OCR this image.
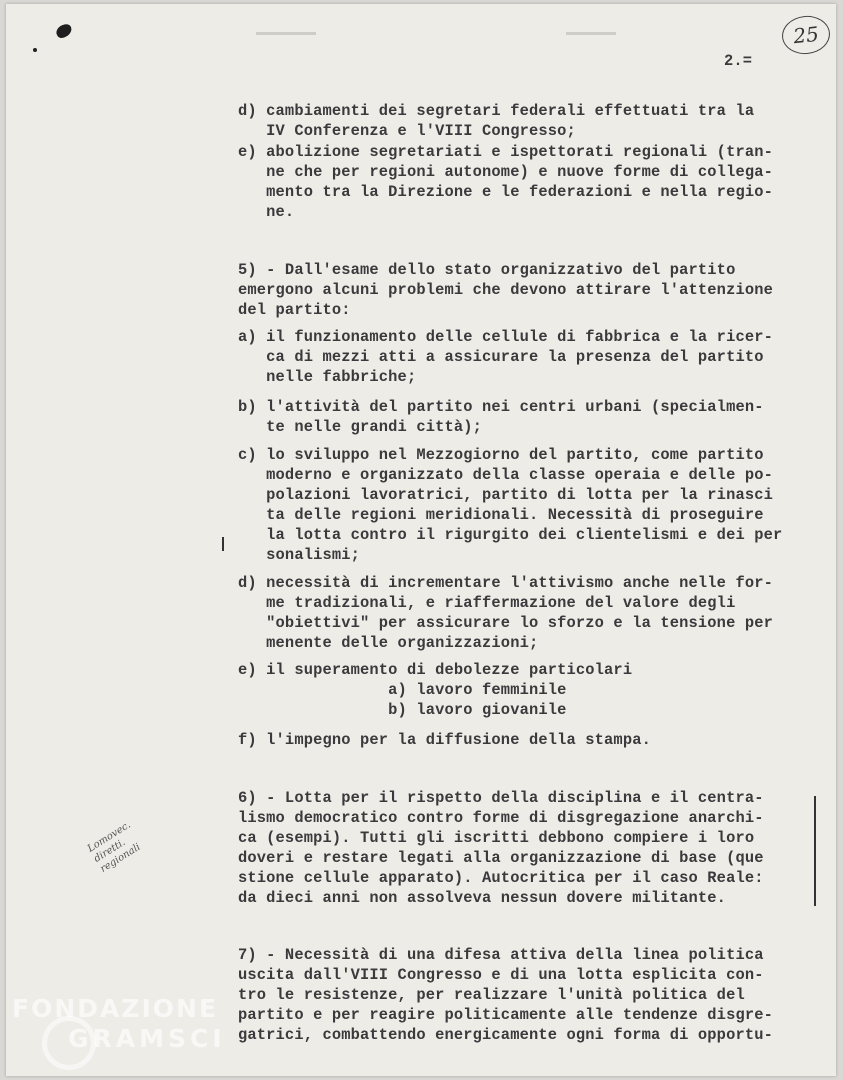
25
2.=
d) cambiamenti dei segretari federali effettuati tra la
IV Conferenza e l'VIII Congresso;
e) abolizione segretariati e ispettorati regionali (tran-
ne che per regioni autonome) e nuove forme di collega-
mento tra la Direzione e le federazioni e nella regio-
ne.
5) - Dall'esame dello stato organizzativo del partito
emergono alcuni problemi che devono attirare l'attenzione
del partito:
a) il funzionamento delle cellule di fabbrica e la ricer-
ca di mezzi atti a assicurare la presenza del partito
nelle fabbriche;
b) l'attività del partito nei centri urbani (specialmen-
te nelle grandi città);
c) lo sviluppo nel Mezzogiorno del partito, come partito
moderno e organizzato della classe operaia e delle po-
polazioni lavoratrici, partito di lotta per la rinasci
ta delle regioni meridionali. Necessità di proseguire
la lotta contro il rigurgito dei clientelismi e dei per
sonalismi;
d) necessità di incrementare l'attivismo anche nelle for-
me tradizionali, e riaffermazione del valore degli
"obiettivi" per assicurare lo sforzo e la tensione per
menente delle organizzazioni;
e) il superamento di debolezze particolari
a) lavoro femminile
b) lavoro giovanile
f) l'impegno per la diffusione della stampa.
6) - Lotta per il rispetto della disciplina e il centra-
lismo democratico contro forme di disgregazione anarchi-
ca (esempi). Tutti gli iscritti debbono compiere i loro
doveri e restare legati alla organizzazione di base (que
stione cellule apparato). Autocritica per il caso Reale:
da dieci anni non assolveva nessun dovere militante.
7) - Necessità di una difesa attiva della linea politica
uscita dall'VIII Congresso e di una lotta esplicita con-
tro le resistenze, per realizzare l'unità politica del
partito e per reagire politicamente alle tendenze disgre-
gatrici, combattendo energicamente ogni forma di opportu-
Lomovec.
diretti.
regionali
FONDAZIONE
GRAMSCI
